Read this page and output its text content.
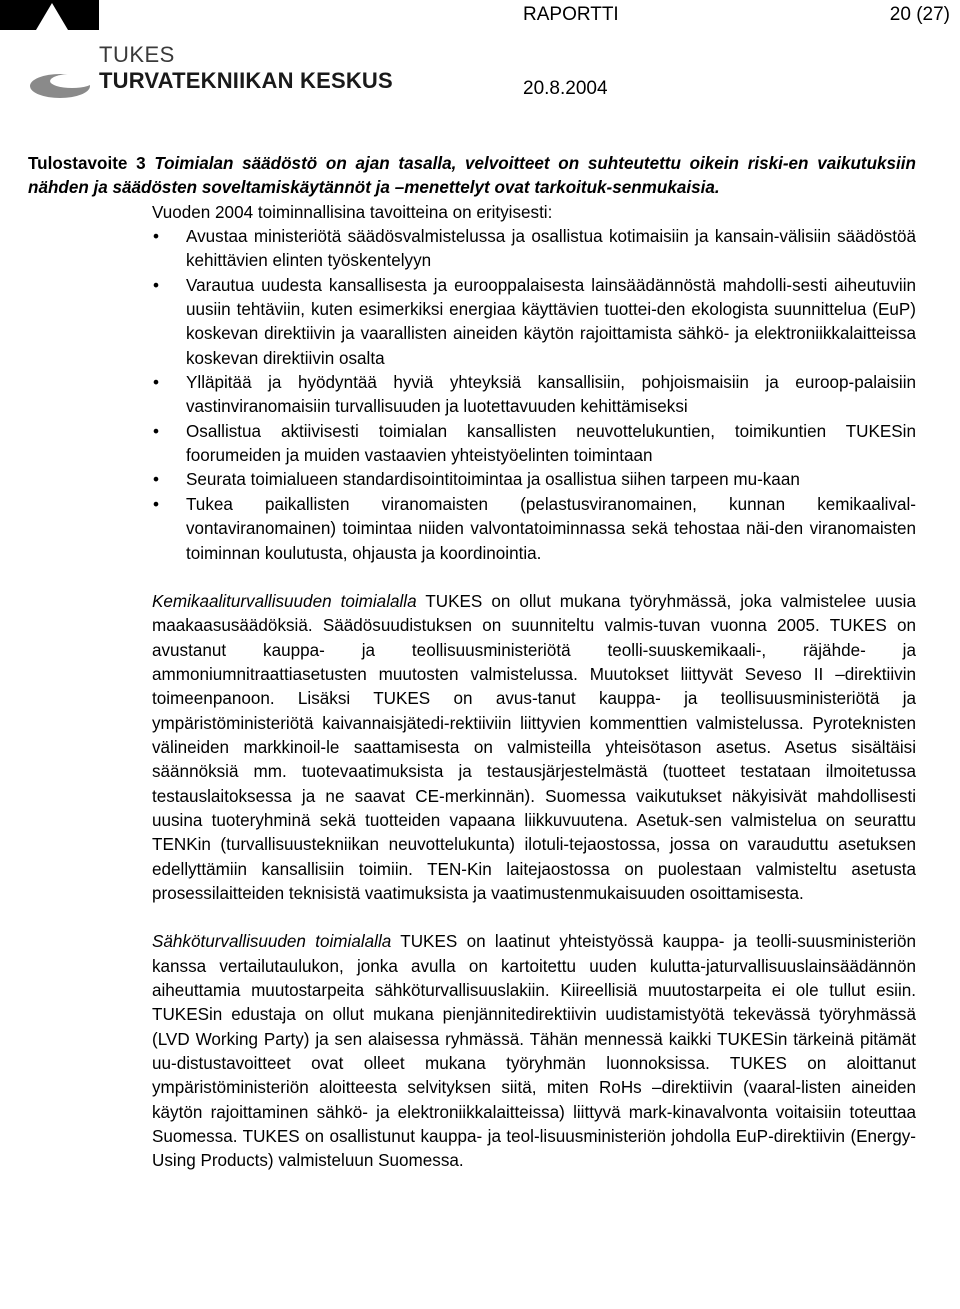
TUKES
TURVATEKNIIKAN KESKUS
RAPORTTI	20 (27)
20.8.2004

Tulostavoite 3 Toimialan säädöstö on ajan tasalla, velvoitteet on suhteutettu oikein riski-en vaikutuksiin nähden ja säädösten soveltamiskäytännöt ja –menettelyt ovat tarkoituk-senmukaisia.

Vuoden 2004 toiminnallisina tavoitteina on erityisesti:

• Avustaa ministeriötä säädösvalmistelussa ja osallistua kotimaisiin ja kansain-välisiin säädöstöä kehittävien elinten työskentelyyn
• Varautua uudesta kansallisesta ja eurooppalaisesta lainsäädännöstä mahdolli-sesti aiheutuviin uusiin tehtäviin, kuten esimerkiksi energiaa käyttävien tuottei-den ekologista suunnittelua (EuP) koskevan direktiivin ja vaarallisten aineiden käytön rajoittamista sähkö- ja elektroniikkalaitteissa koskevan direktiivin osalta
• Ylläpitää ja hyödyntää hyviä yhteyksiä kansallisiin, pohjoismaisiin ja euroop-palaisiin vastinviranomaisiin turvallisuuden ja luotettavuuden kehittämiseksi
• Osallistua aktiivisesti toimialan kansallisten neuvottelukuntien, toimikuntien TUKESin foorumeiden ja muiden vastaavien yhteistyöelinten toimintaan
• Seurata toimialueen standardisointitoimintaa ja osallistua siihen tarpeen mu-kaan
• Tukea paikallisten viranomaisten (pelastusviranomainen, kunnan kemikaalival-vontaviranomainen) toimintaa niiden valvontatoiminnassa sekä tehostaa näi-den viranomaisten toiminnan koulutusta, ohjausta ja koordinointia.

Kemikaaliturvallisuuden toimialalla TUKES on ollut mukana työryhmässä, joka valmistelee uusia maakaasusäädöksiä. Säädösuudistuksen on suunniteltu valmis-tuvan vuonna 2005. TUKES on avustanut kauppa- ja teollisuusministeriötä teolli-suuskemikaali-, räjähde- ja ammoniumnitraattiasetusten muutosten valmistelussa. Muutokset liittyvät Seveso II –direktiivin toimeenpanoon. Lisäksi TUKES on avus-tanut kauppa- ja teollisuusministeriötä ja ympäristöministeriötä kaivannaisjätedi-rektiiviin liittyvien kommenttien valmistelussa. Pyroteknisten välineiden markkinoil-le saattamisesta on valmisteilla yhteisötason asetus. Asetus sisältäisi säännöksiä mm. tuotevaatimuksista ja testausjärjestelmästä (tuotteet testataan ilmoitetussa testauslaitoksessa ja ne saavat CE-merkinnän). Suomessa vaikutukset näkyisivät mahdollisesti uusina tuoteryhminä sekä tuotteiden vapaana liikkuvuutena. Asetuk-sen valmistelua on seurattu TENKin (turvallisuustekniikan neuvottelukunta) ilotuli-tejaostossa, jossa on varauduttu asetuksen edellyttämiin kansallisiin toimiin. TEN-Kin laitejaostossa on puolestaan valmisteltu asetusta prosessilaitteiden teknisistä vaatimuksista ja vaatimustenmukaisuuden osoittamisesta.

Sähköturvallisuuden toimialalla TUKES on laatinut yhteistyössä kauppa- ja teolli-suusministeriön kanssa vertailutaulukon, jonka avulla on kartoitettu uuden kulutta-jaturvallisuuslainsäädännön aiheuttamia muutostarpeita sähköturvallisuuslakiin. Kiireellisiä muutostarpeita ei ole tullut esiin. TUKESin edustaja on ollut mukana pienjännitedirektiivin uudistamistyötä tekevässä työryhmässä (LVD Working Party) ja sen alaisessa ryhmässä. Tähän mennessä kaikki TUKESin tärkeinä pitämät uu-distustavoitteet ovat olleet mukana työryhmän luonnoksissa. TUKES on aloittanut ympäristöministeriön aloitteesta selvityksen siitä, miten RoHs –direktiivin (vaaral-listen aineiden käytön rajoittaminen sähkö- ja elektroniikkalaitteissa) liittyvä mark-kinavalvonta voitaisiin toteuttaa Suomessa. TUKES on osallistunut kauppa- ja teol-lisuusministeriön johdolla EuP-direktiivin (Energy-Using Products) valmisteluun Suomessa.
